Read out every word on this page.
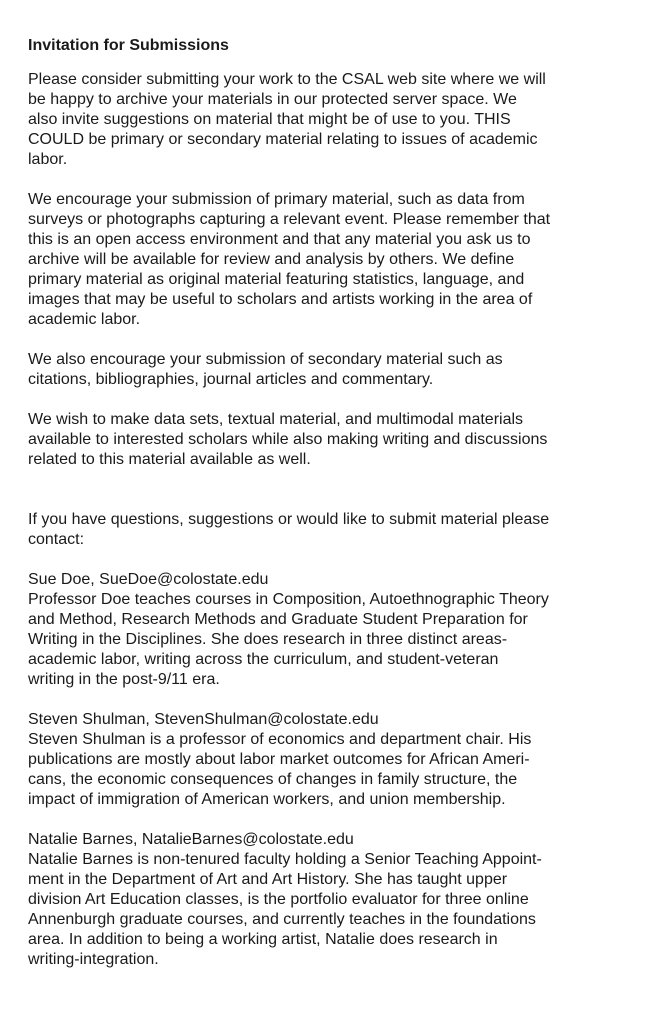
Invitation for Submissions

Please consider submitting your work to the CSAL web site where we will
be happy to archive your materials in our protected server space. We
also invite suggestions on material that might be of use to you. THIS
COULD be primary or secondary material relating to issues of academic
labor.

We encourage your submission of primary material, such as data from
surveys or photographs capturing a relevant event. Please remember that
this is an open access environment and that any material you ask us to
archive will be available for review and analysis by others. We define
primary material as original material featuring statistics, language, and
images that may be useful to scholars and artists working in the area of
academic labor.

We also encourage your submission of secondary material such as
citations, bibliographies, journal articles and commentary.

We wish to make data sets, textual material, and multimodal materials
available to interested scholars while also making writing and discussions
related to this material available as well.

If you have questions, suggestions or would like to submit material please
contact:

Sue Doe, SueDoe@colostate.edu
Professor Doe teaches courses in Composition, Autoethnographic Theory
and Method, Research Methods and Graduate Student Preparation for
Writing in the Disciplines. She does research in three distinct areas-
academic labor, writing across the curriculum, and student-veteran
writing in the post-9/11 era.
Steven Shulman, StevenShulman@colostate.edu
Steven Shulman is a professor of economics and department chair. His
publications are mostly about labor market outcomes for African Ameri-
cans, the economic consequences of changes in family structure, the
impact of immigration of American workers, and union membership.
Natalie Barnes, NatalieBarnes@colostate.edu
Natalie Barnes is non-tenured faculty holding a Senior Teaching Appoint-
ment in the Department of Art and Art History. She has taught upper
division Art Education classes, is the portfolio evaluator for three online
Annenburgh graduate courses, and currently teaches in the foundations
area. In addition to being a working artist, Natalie does research in
writing-integration.
